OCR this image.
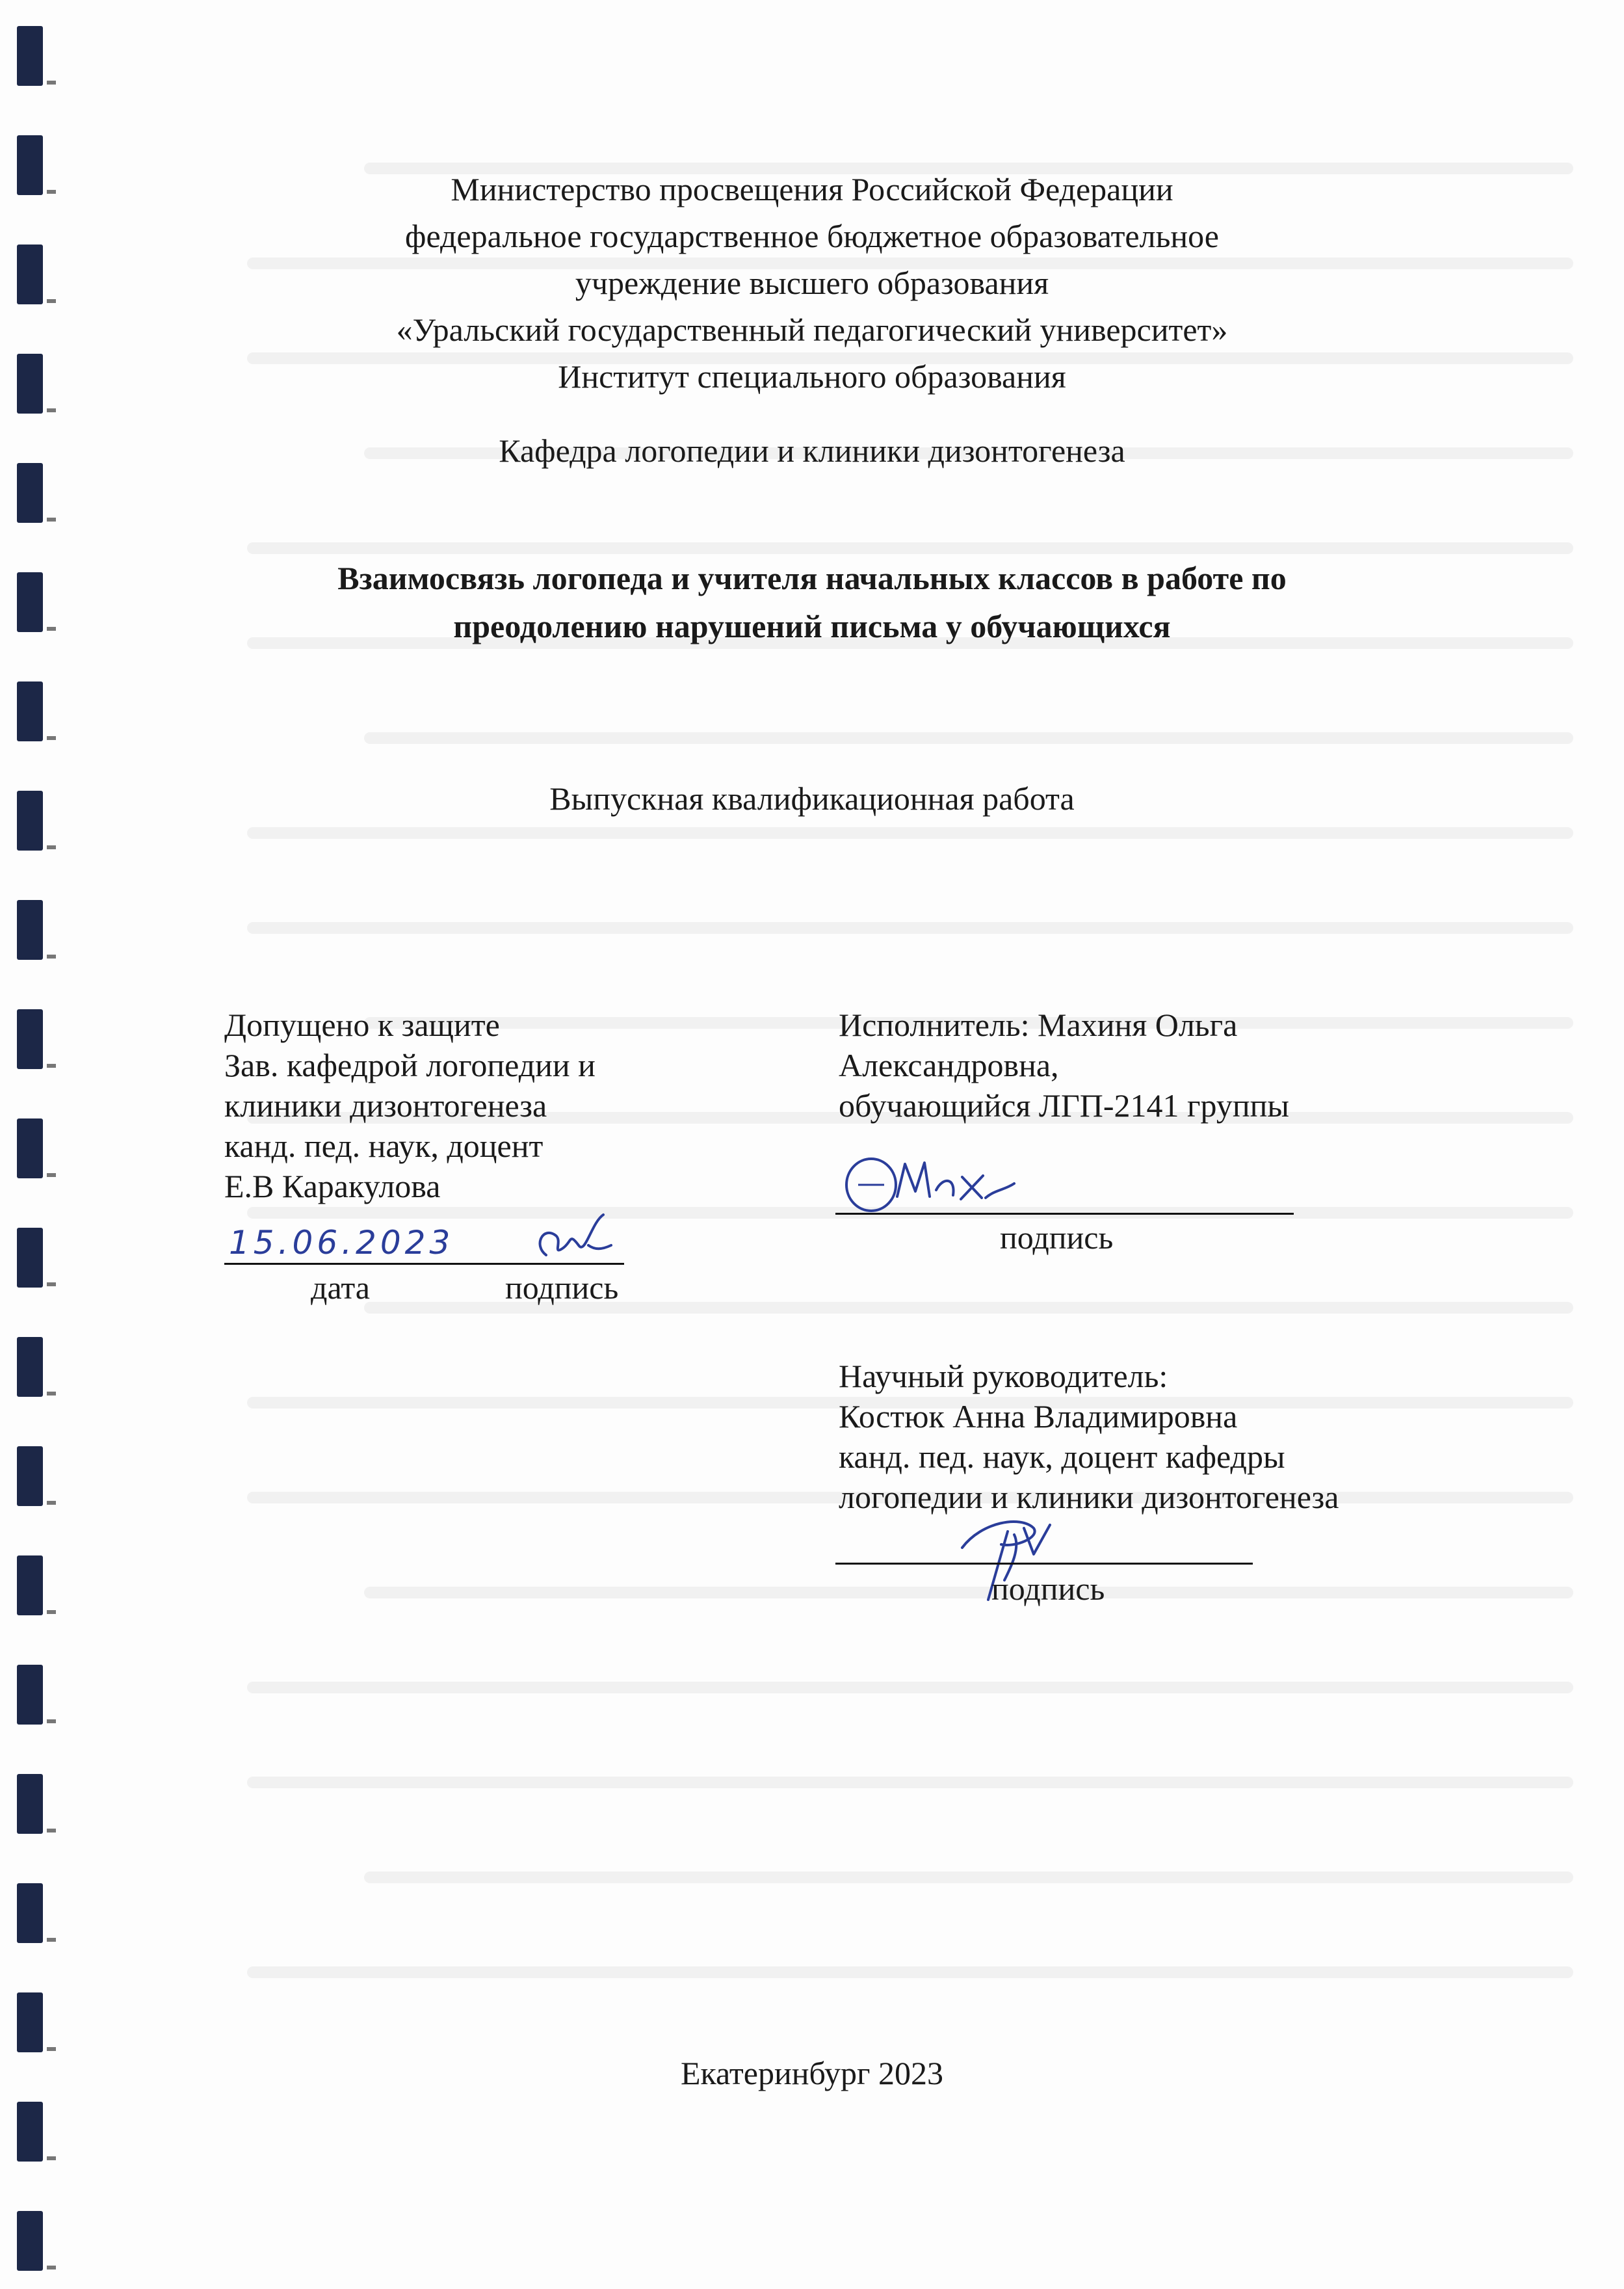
Министерство просвещения Российской Федерации
федеральное государственное бюджетное образовательное
учреждение высшего образования
«Уральский государственный педагогический университет»
Институт специального образования
Кафедра логопедии и клиники дизонтогенеза
Взаимосвязь логопеда и учителя начальных классов в работе по
преодолению нарушений письма у обучающихся
Выпускная квалификационная работа
Допущено к защите
Зав. кафедрой логопедии и
клиники дизонтогенеза
канд. пед. наук, доцент
Е.В Каракулова
15.06.2023
дата	подпись
Исполнитель: Махиня Ольга
Александровна,
обучающийся ЛГП-2141 группы
подпись
Научный руководитель:
Костюк Анна Владимировна
канд. пед. наук, доцент кафедры
логопедии и клиники дизонтогенеза
подпись
Екатеринбург 2023
